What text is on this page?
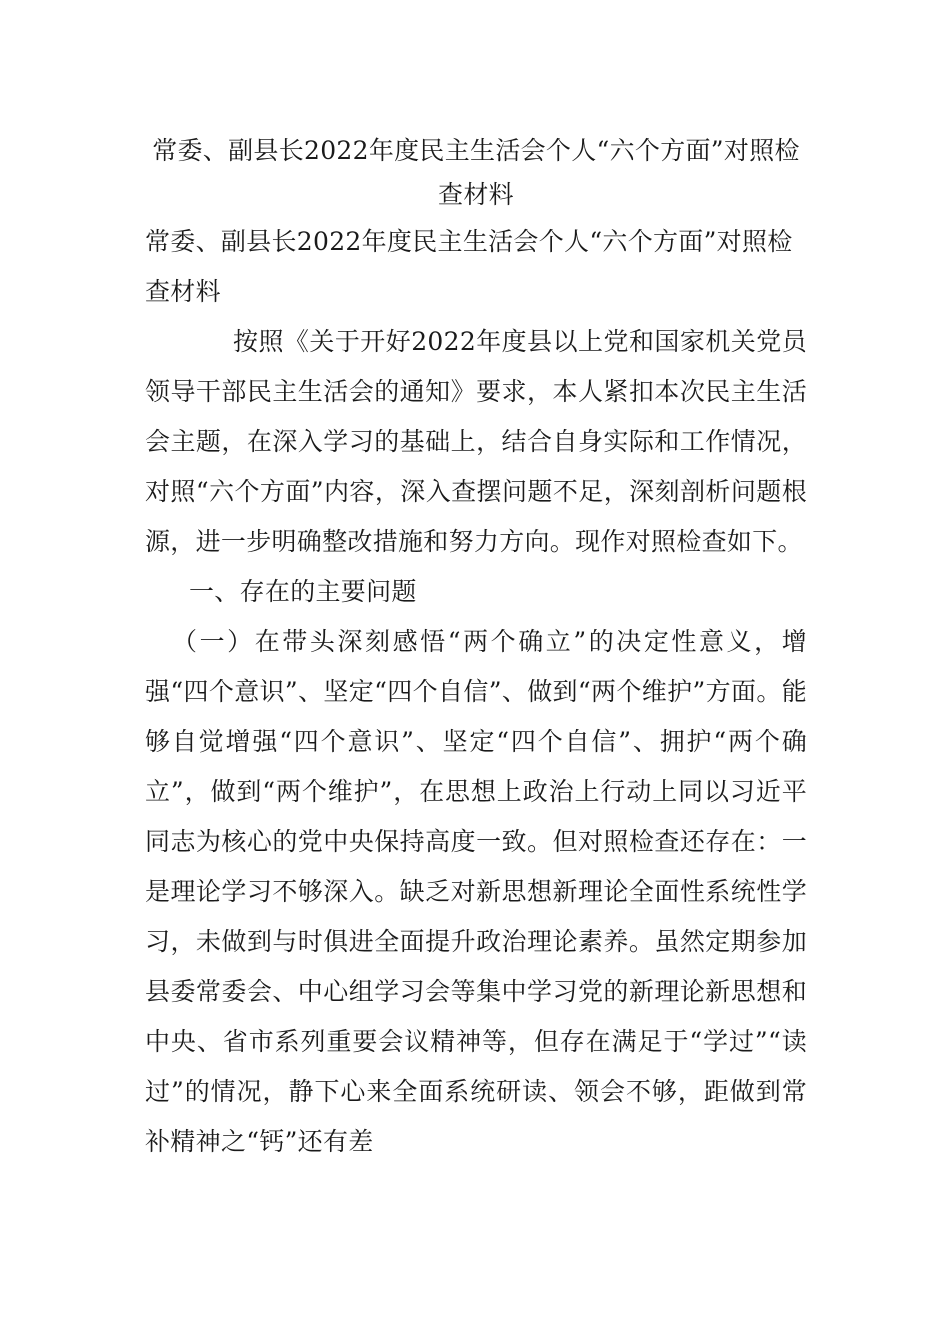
常委、副县长2022年度民主生活会个人“六个方面”对照检查材料

常委、副县长2022年度民主生活会个人“六个方面”对照检查材料

按照《关于开好2022年度县以上党和国家机关党员领导干部民主生活会的通知》要求，本人紧扣本次民主生活会主题，在深入学习的基础上，结合自身实际和工作情况，对照“六个方面”内容，深入查摆问题不足，深刻剖析问题根源，进一步明确整改措施和努力方向。现作对照检查如下。

一、存在的主要问题

（一）在带头深刻感悟“两个确立”的决定性意义，增强“四个意识”、坚定“四个自信”、做到“两个维护”方面。能够自觉增强“四个意识”、坚定“四个自信”、拥护“两个确立”，做到“两个维护”，在思想上政治上行动上同以习近平同志为核心的党中央保持高度一致。但对照检查还存在：一是理论学习不够深入。缺乏对新思想新理论全面性系统性学习，未做到与时俱进全面提升政治理论素养。虽然定期参加县委常委会、中心组学习会等集中学习党的新理论新思想和中央、省市系列重要会议精神等，但存在满足于“学过”“读过”的情况，静下心来全面系统研读、领会不够，距做到常补精神之“钙”还有差
